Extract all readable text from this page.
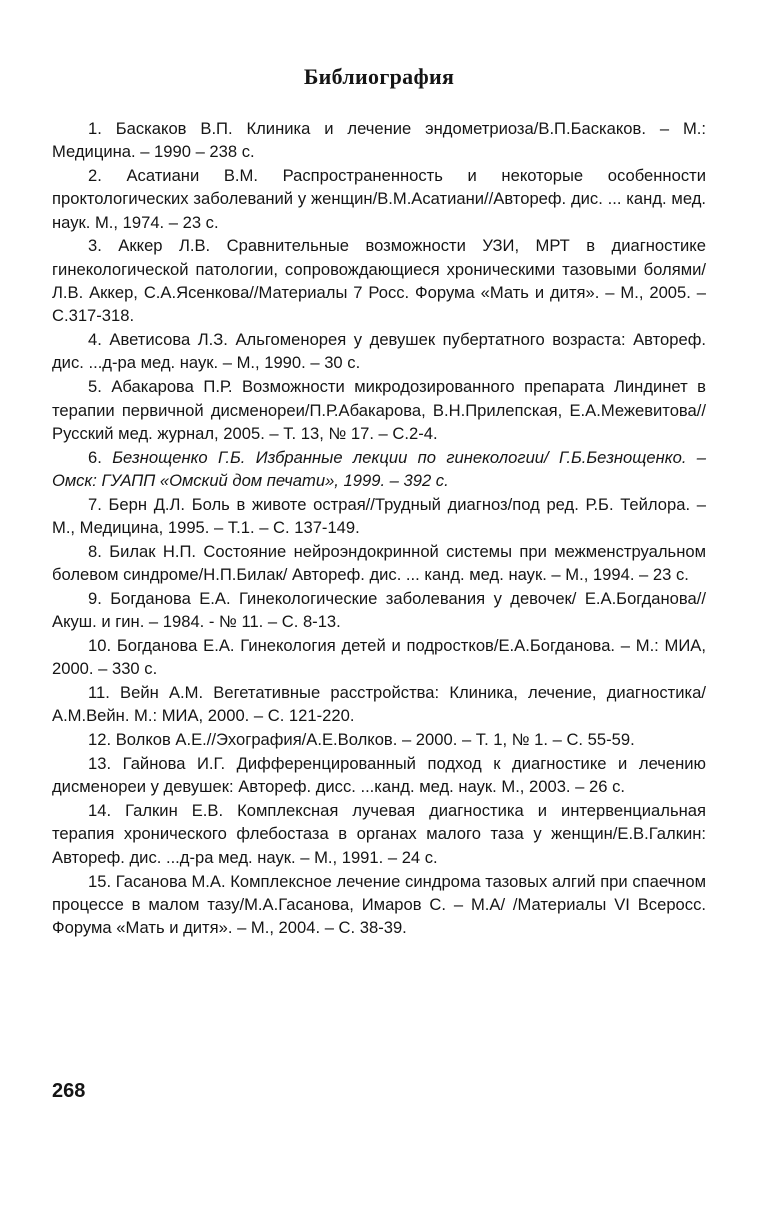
Библиография
1. Баскаков В.П. Клиника и лечение эндометриоза/В.П.Баскаков. – М.: Медицина. – 1990 – 238 с.
2. Асатиани В.М. Распространенность и некоторые особенности проктологических заболеваний у женщин/В.М.Асатиани//Автореф. дис. ... канд. мед. наук. М., 1974. – 23 с.
3. Аккер Л.В. Сравнительные возможности УЗИ, МРТ в диагностике гинекологической патологии, сопровождающиеся хроническими тазовыми болями/Л.В. Аккер, С.А.Ясенкова//Материалы 7 Росс. Форума «Мать и дитя». – М., 2005. – С.317-318.
4. Аветисова Л.З. Альгоменорея у девушек пубертатного возраста: Автореф. дис. ...д-ра мед. наук. – М., 1990. – 30 с.
5. Абакарова П.Р. Возможности микродозированного препарата Линдинет в терапии первичной дисменореи/П.Р.Абакарова, В.Н.Прилепская, Е.А.Межевитова//Русский мед. журнал, 2005. – Т. 13, № 17. – С.2-4.
6. Безнощенко Г.Б. Избранные лекции по гинекологии/ Г.Б.Безнощенко. – Омск: ГУАПП «Омский дом печати», 1999. – 392 с.
7. Берн Д.Л. Боль в животе острая//Трудный диагноз/под ред. Р.Б. Тейлора. – М., Медицина, 1995. – Т.1. – С. 137-149.
8. Билак Н.П. Состояние нейроэндокринной системы при межменструальном болевом синдроме/Н.П.Билак/ Автореф. дис. ... канд. мед. наук. – М., 1994. – 23 с.
9. Богданова Е.А. Гинекологические заболевания у девочек/ Е.А.Богданова//Акуш. и гин. – 1984. - № 11. – С. 8-13.
10. Богданова Е.А. Гинекология детей и подростков/Е.А.Богданова. – М.: МИА, 2000. – 330 с.
11. Вейн А.М. Вегетативные расстройства: Клиника, лечение, диагностика/А.М.Вейн. М.: МИА, 2000. – С. 121-220.
12. Волков А.Е.//Эхография/А.Е.Волков. – 2000. – Т. 1, № 1. – С. 55-59.
13. Гайнова И.Г. Дифференцированный подход к диагностике и лечению дисменореи у девушек: Автореф. дисс. ...канд. мед. наук. М., 2003. – 26 с.
14. Галкин Е.В. Комплексная лучевая диагностика и интервенциальная терапия хронического флебостаза в органах малого таза у женщин/Е.В.Галкин: Автореф. дис. ...д-ра мед. наук. – М., 1991. – 24 с.
15. Гасанова М.А. Комплексное лечение синдрома тазовых алгий при спаечном процессе в малом тазу/М.А.Гасанова, Имаров С. – М.А/ /Материалы VI Всеросс. Форума «Мать и дитя». – М., 2004. – С. 38-39.
268
